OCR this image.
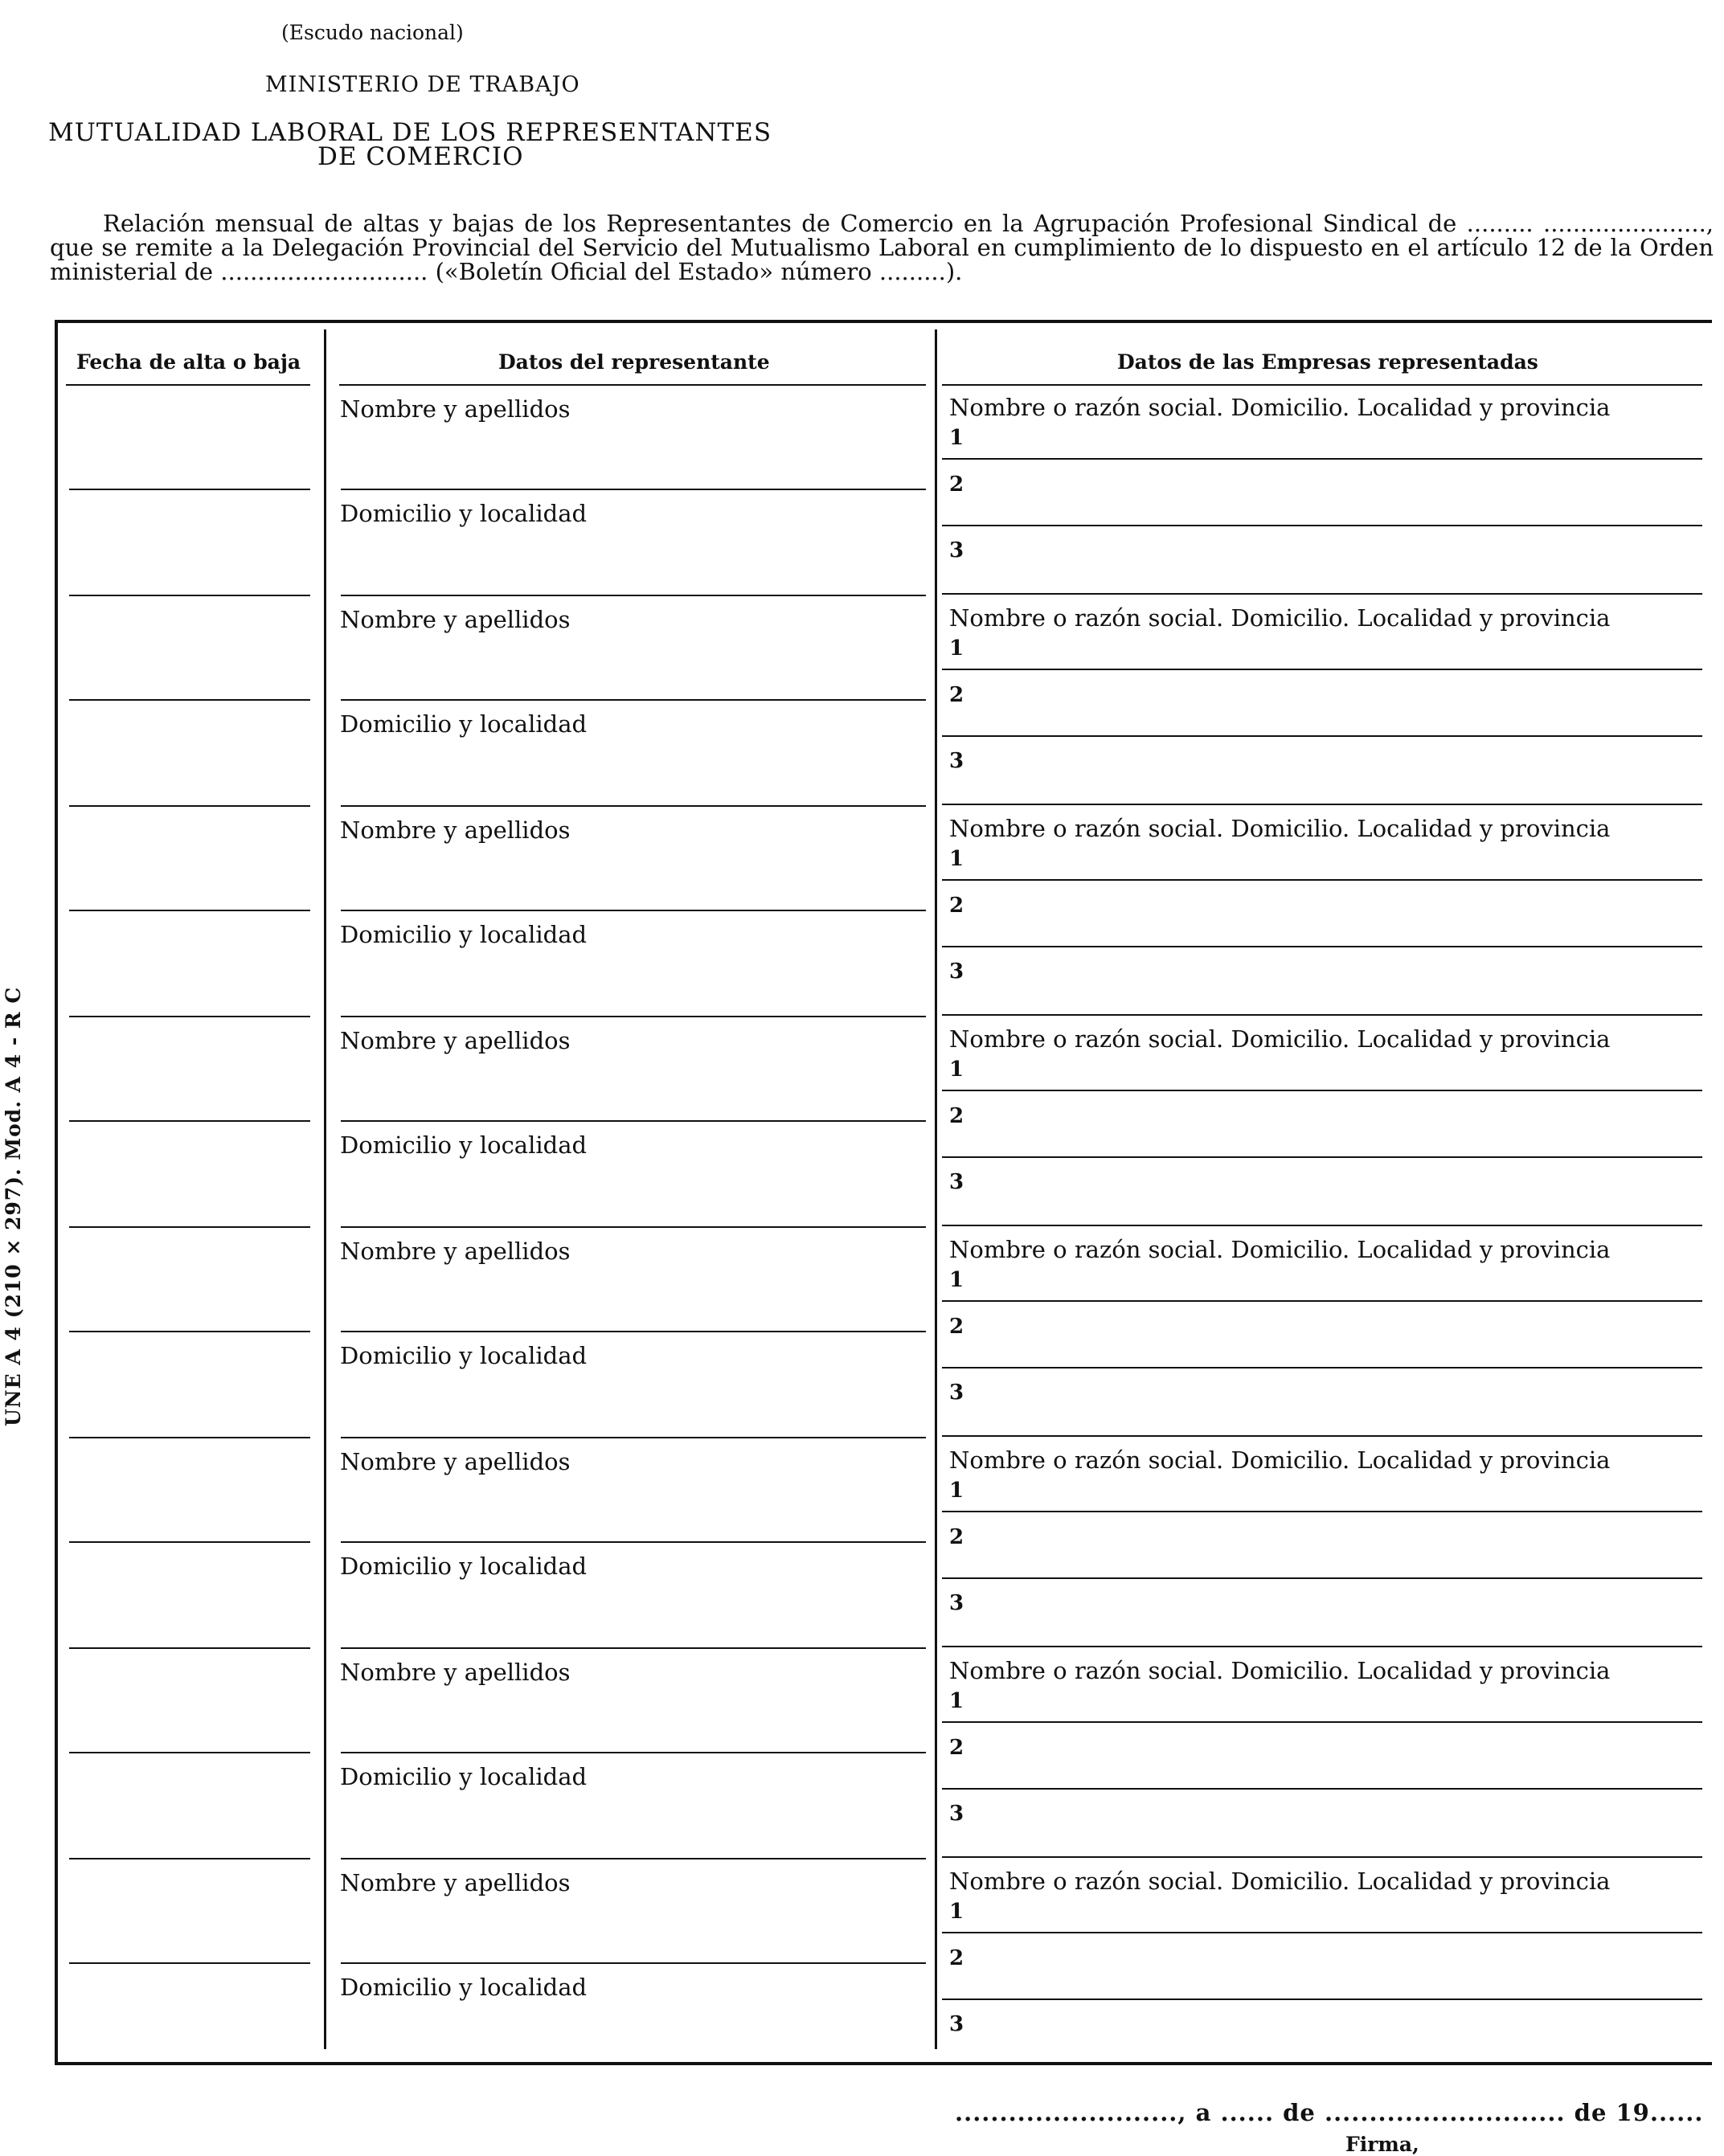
(Escudo nacional)
MINISTERIO DE TRABAJO
MUTUALIDAD LABORAL DE LOS REPRESENTANTES
DE COMERCIO
Relación mensual de altas y bajas de los Representantes de Comercio en la Agrupación Profesional Sindical de ......... ......................, que se remite a la Delegación Provincial del Servicio del Mutualismo Laboral en cumplimiento de lo dispuesto en el artículo 12 de la Orden ministerial de ............................ («Boletín Oficial del Estado» número .........).
UNE A 4 (210 × 297). Mod. A 4 - R C
Fecha de alta o baja	Datos del representante	Datos de las Empresas representadas
Nombre y apellidos
Domicilio y localidad
Nombre o razón social. Domicilio. Localidad y provincia
1
2
3
Nombre y apellidos
Domicilio y localidad
Nombre o razón social. Domicilio. Localidad y provincia
1
2
3
Nombre y apellidos
Domicilio y localidad
Nombre o razón social. Domicilio. Localidad y provincia
1
2
3
Nombre y apellidos
Domicilio y localidad
Nombre o razón social. Domicilio. Localidad y provincia
1
2
3
Nombre y apellidos
Domicilio y localidad
Nombre o razón social. Domicilio. Localidad y provincia
1
2
3
Nombre y apellidos
Domicilio y localidad
Nombre o razón social. Domicilio. Localidad y provincia
1
2
3
Nombre y apellidos
Domicilio y localidad
Nombre o razón social. Domicilio. Localidad y provincia
1
2
3
Nombre y apellidos
Domicilio y localidad
Nombre o razón social. Domicilio. Localidad y provincia
1
2
3
........................., a ...... de ........................... de 19......
Firma,
